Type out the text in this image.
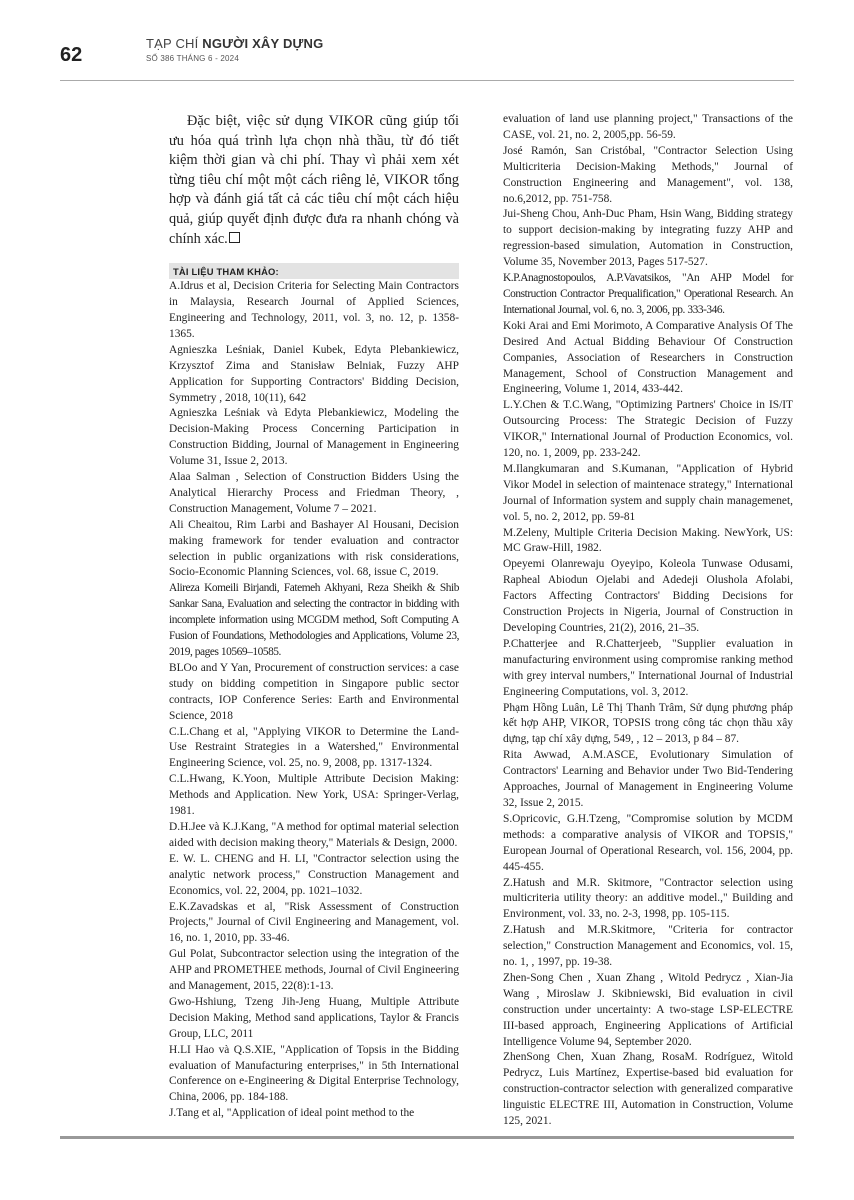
62
TẠP CHÍ NGƯỜI XÂY DỰNG
SỐ 386 THÁNG 6 - 2024

Đặc biệt, việc sử dụng VIKOR cũng giúp tối ưu hóa quá trình lựa chọn nhà thầu, từ đó tiết kiệm thời gian và chi phí. Thay vì phải xem xét từng tiêu chí một một cách riêng lẻ, VIKOR tổng hợp và đánh giá tất cả các tiêu chí một cách hiệu quả, giúp quyết định được đưa ra nhanh chóng và chính xác.

TÀI LIỆU THAM KHẢO:

A.Idrus et al, Decision Criteria for Selecting Main Contractors in Malaysia, Research Journal of Applied Sciences, Engineering and Technology, 2011, vol. 3, no. 12, p. 1358-1365.

Agnieszka Leśniak, Daniel Kubek, Edyta Plebankiewicz, Krzysztof Zima and Stanisław Belniak, Fuzzy AHP Application for Supporting Contractors' Bidding Decision, Symmetry , 2018, 10(11), 642

Agnieszka Leśniak và Edyta Plebankiewicz, Modeling the Decision-Making Process Concerning Participation in Construction Bidding, Journal of Management in Engineering Volume 31, Issue 2, 2013.

Alaa Salman , Selection of Construction Bidders Using the Analytical Hierarchy Process and Friedman Theory, , Construction Management, Volume 7 – 2021.

Ali Cheaitou, Rim Larbi and Bashayer Al Housani, Decision making framework for tender evaluation and contractor selection in public organizations with risk considerations, Socio-Economic Planning Sciences, vol. 68, issue C, 2019.

Alireza Komeili Birjandi, Fatemeh Akhyani, Reza Sheikh & Shib Sankar Sana, Evaluation and selecting the contractor in bidding with incomplete information using MCGDM method, Soft Computing A Fusion of Foundations, Methodologies and Applications, Volume 23, 2019, pages 10569–10585.

BLOo and Y Yan, Procurement of construction services: a case study on bidding competition in Singapore public sector contracts, IOP Conference Series: Earth and Environmental Science, 2018

C.L.Chang et al, "Applying VIKOR to Determine the Land-Use Restraint Strategies in a Watershed," Environmental Engineering Science, vol. 25, no. 9, 2008, pp. 1317-1324.

C.L.Hwang, K.Yoon, Multiple Attribute Decision Making: Methods and Application. New York, USA: Springer-Verlag, 1981.

D.H.Jee và K.J.Kang, "A method for optimal material selection aided with decision making theory," Materials & Design, 2000.

E. W. L. CHENG and H. LI, "Contractor selection using the analytic network process," Construction Management and Economics, vol. 22, 2004, pp. 1021–1032.

E.K.Zavadskas et al, "Risk Assessment of Construction Projects," Journal of Civil Engineering and Management, vol. 16, no. 1, 2010, pp. 33-46.

Gul Polat, Subcontractor selection using the integration of the AHP and PROMETHEE methods, Journal of Civil Engineering and Management, 2015, 22(8):1-13.

Gwo-Hshiung, Tzeng Jih-Jeng Huang, Multiple Attribute Decision Making, Method sand applications, Taylor & Francis Group, LLC, 2011

H.LI Hao và Q.S.XIE, "Application of Topsis in the Bidding evaluation of Manufacturing enterprises," in 5th International Conference on e-Engineering & Digital Enterprise Technology, China, 2006, pp. 184-188.

J.Tang et al, "Application of ideal point method to the

evaluation of land use planning project," Transactions of the CASE, vol. 21, no. 2, 2005,pp. 56-59.

José Ramón, San Cristóbal, "Contractor Selection Using Multicriteria Decision-Making Methods," Journal of Construction Engineering and Management", vol. 138, no.6,2012, pp. 751-758.

Jui-Sheng Chou, Anh-Duc Pham, Hsin Wang, Bidding strategy to support decision-making by integrating fuzzy AHP and regression-based simulation, Automation in Construction, Volume 35, November 2013, Pages 517-527.

K.P.Anagnostopoulos, A.P.Vavatsikos, "An AHP Model for Construction Contractor Prequalification," Operational Research. An International Journal, vol. 6, no. 3, 2006, pp. 333-346.

Koki Arai and Emi Morimoto, A Comparative Analysis Of The Desired And Actual Bidding Behaviour Of Construction Companies, Association of Researchers in Construction Management, School of Construction Management and Engineering, Volume 1, 2014, 433-442.

L.Y.Chen & T.C.Wang, "Optimizing Partners' Choice in IS/IT Outsourcing Process: The Strategic Decision of Fuzzy VIKOR," International Journal of Production Economics, vol. 120, no. 1, 2009, pp. 233-242.

M.Ilangkumaran and S.Kumanan, "Application of Hybrid Vikor Model in selection of maintenace strategy," International Journal of Information system and supply chain managemenet, vol. 5, no. 2, 2012, pp. 59-81

M.Zeleny, Multiple Criteria Decision Making. NewYork, US: MC Graw-Hill, 1982.

Opeyemi Olanrewaju Oyeyipo, Koleola Tunwase Odusami, Rapheal Abiodun Ojelabi and Adedeji Olushola Afolabi, Factors Affecting Contractors' Bidding Decisions for Construction Projects in Nigeria, Journal of Construction in Developing Countries, 21(2), 2016, 21–35.

P.Chatterjee and R.Chatterjeeb, "Supplier evaluation in manufacturing environment using compromise ranking method with grey interval numbers," International Journal of Industrial Engineering Computations, vol. 3, 2012.

Phạm Hồng Luân, Lê Thị Thanh Trâm, Sử dụng phương pháp kết hợp AHP, VIKOR, TOPSIS trong công tác chọn thầu xây dựng, tạp chí xây dựng, 549, , 12 – 2013, p 84 – 87.

Rita Awwad, A.M.ASCE, Evolutionary Simulation of Contractors' Learning and Behavior under Two Bid-Tendering Approaches, Journal of Management in Engineering Volume 32, Issue 2, 2015.

S.Opricovic, G.H.Tzeng, "Compromise solution by MCDM methods: a comparative analysis of VIKOR and TOPSIS," European Journal of Operational Research, vol. 156, 2004, pp. 445-455.

Z.Hatush and M.R. Skitmore, "Contractor selection using multicriteria utility theory: an additive model.," Building and Environment, vol. 33, no. 2-3, 1998, pp. 105-115.

Z.Hatush and M.R.Skitmore, "Criteria for contractor selection," Construction Management and Economics, vol. 15, no. 1, , 1997, pp. 19-38.

Zhen-Song Chen , Xuan Zhang , Witold Pedrycz , Xian-Jia Wang , Miroslaw J. Skibniewski, Bid evaluation in civil construction under uncertainty: A two-stage LSP-ELECTRE III-based approach, Engineering Applications of Artificial Intelligence Volume 94, September 2020.

ZhenSong Chen, Xuan Zhang, RosaM. Rodríguez, Witold Pedrycz, Luis Martínez, Expertise-based bid evaluation for construction-contractor selection with generalized comparative linguistic ELECTRE III, Automation in Construction, Volume 125, 2021.
